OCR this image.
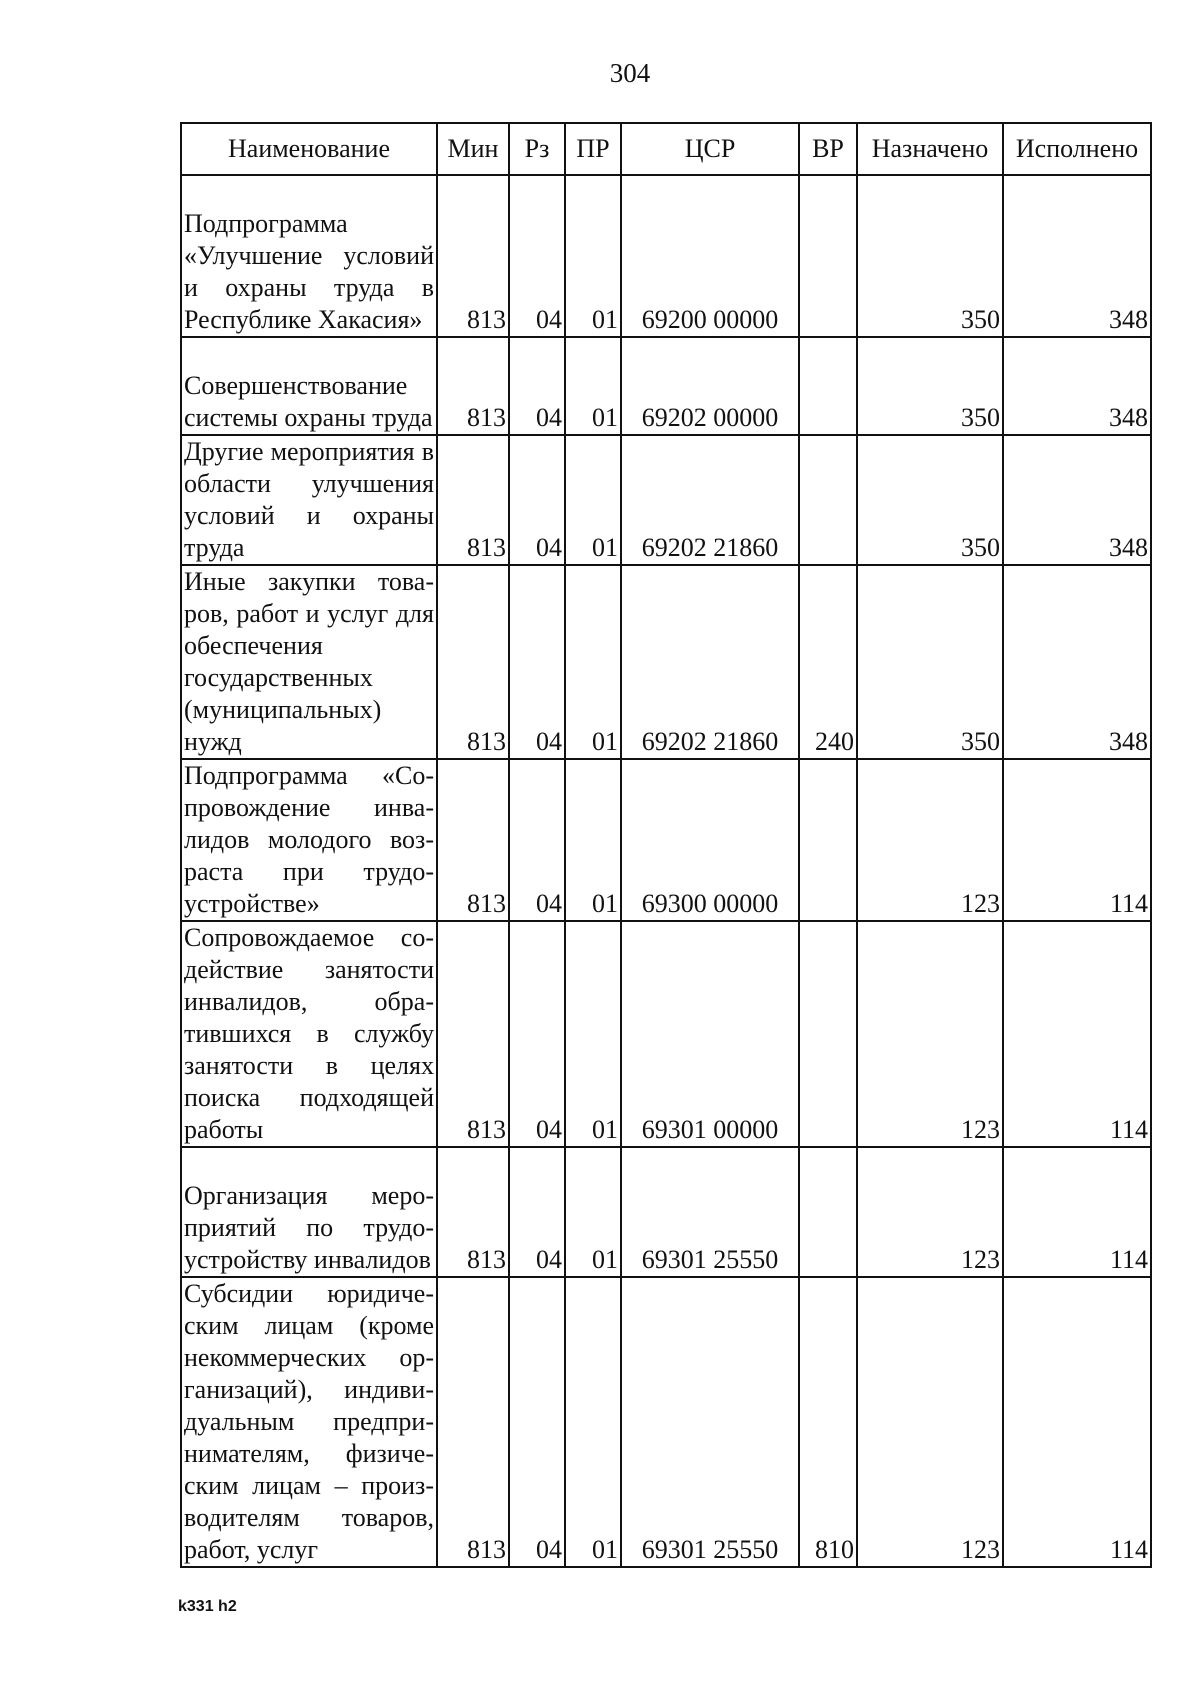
304
Наименование	Мин	Рз	ПР	ЦСР	ВР	Назначено	Исполнено
Подпрограмма «Улучшение условий и охраны труда в Республике Хакасия»	813	04	01	69200 00000		350	348
Совершенствование системы охраны труда	813	04	01	69202 00000		350	348
Другие мероприятия в области улучшения условий и охраны труда	813	04	01	69202 21860		350	348
Иные закупки товаров, работ и услуг для обеспечения государственных (муниципальных) нужд	813	04	01	69202 21860	240	350	348
Подпрограмма «Сопровождение инвалидов молодого возраста при трудоустройстве»	813	04	01	69300 00000		123	114
Сопровождаемое содействие занятости инвалидов, обратившихся в службу занятости в целях поиска подходящей работы	813	04	01	69301 00000		123	114
Организация мероприятий по трудоустройству инвалидов	813	04	01	69301 25550		123	114
Субсидии юридическим лицам (кроме некоммерческих организаций), индивидуальным предпринимателям, физическим лицам – производителям товаров, работ, услуг	813	04	01	69301 25550	810	123	114
k331 h2
